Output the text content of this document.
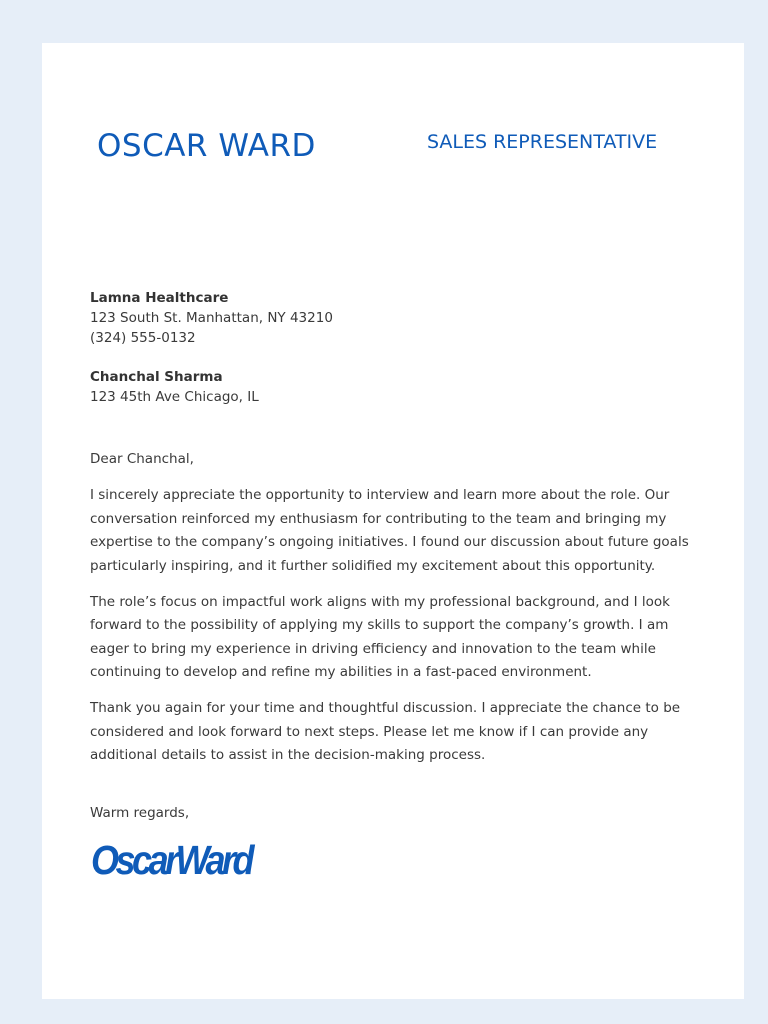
OSCAR WARD	SALES REPRESENTATIVE
Lamna Healthcare
123 South St. Manhattan, NY 43210
(324) 555-0132
Chanchal Sharma
123 45th Ave Chicago, IL

Dear Chanchal,

I sincerely appreciate the opportunity to interview and learn more about the role. Our conversation reinforced my enthusiasm for contributing to the team and bringing my expertise to the company’s ongoing initiatives. I found our discussion about future goals particularly inspiring, and it further solidified my excitement about this opportunity.

The role’s focus on impactful work aligns with my professional background, and I look forward to the possibility of applying my skills to support the company’s growth. I am eager to bring my experience in driving efficiency and innovation to the team while continuing to develop and refine my abilities in a fast-paced environment.

Thank you again for your time and thoughtful discussion. I appreciate the chance to be considered and look forward to next steps. Please let me know if I can provide any additional details to assist in the decision-making process.

Warm regards,
OscarWard
